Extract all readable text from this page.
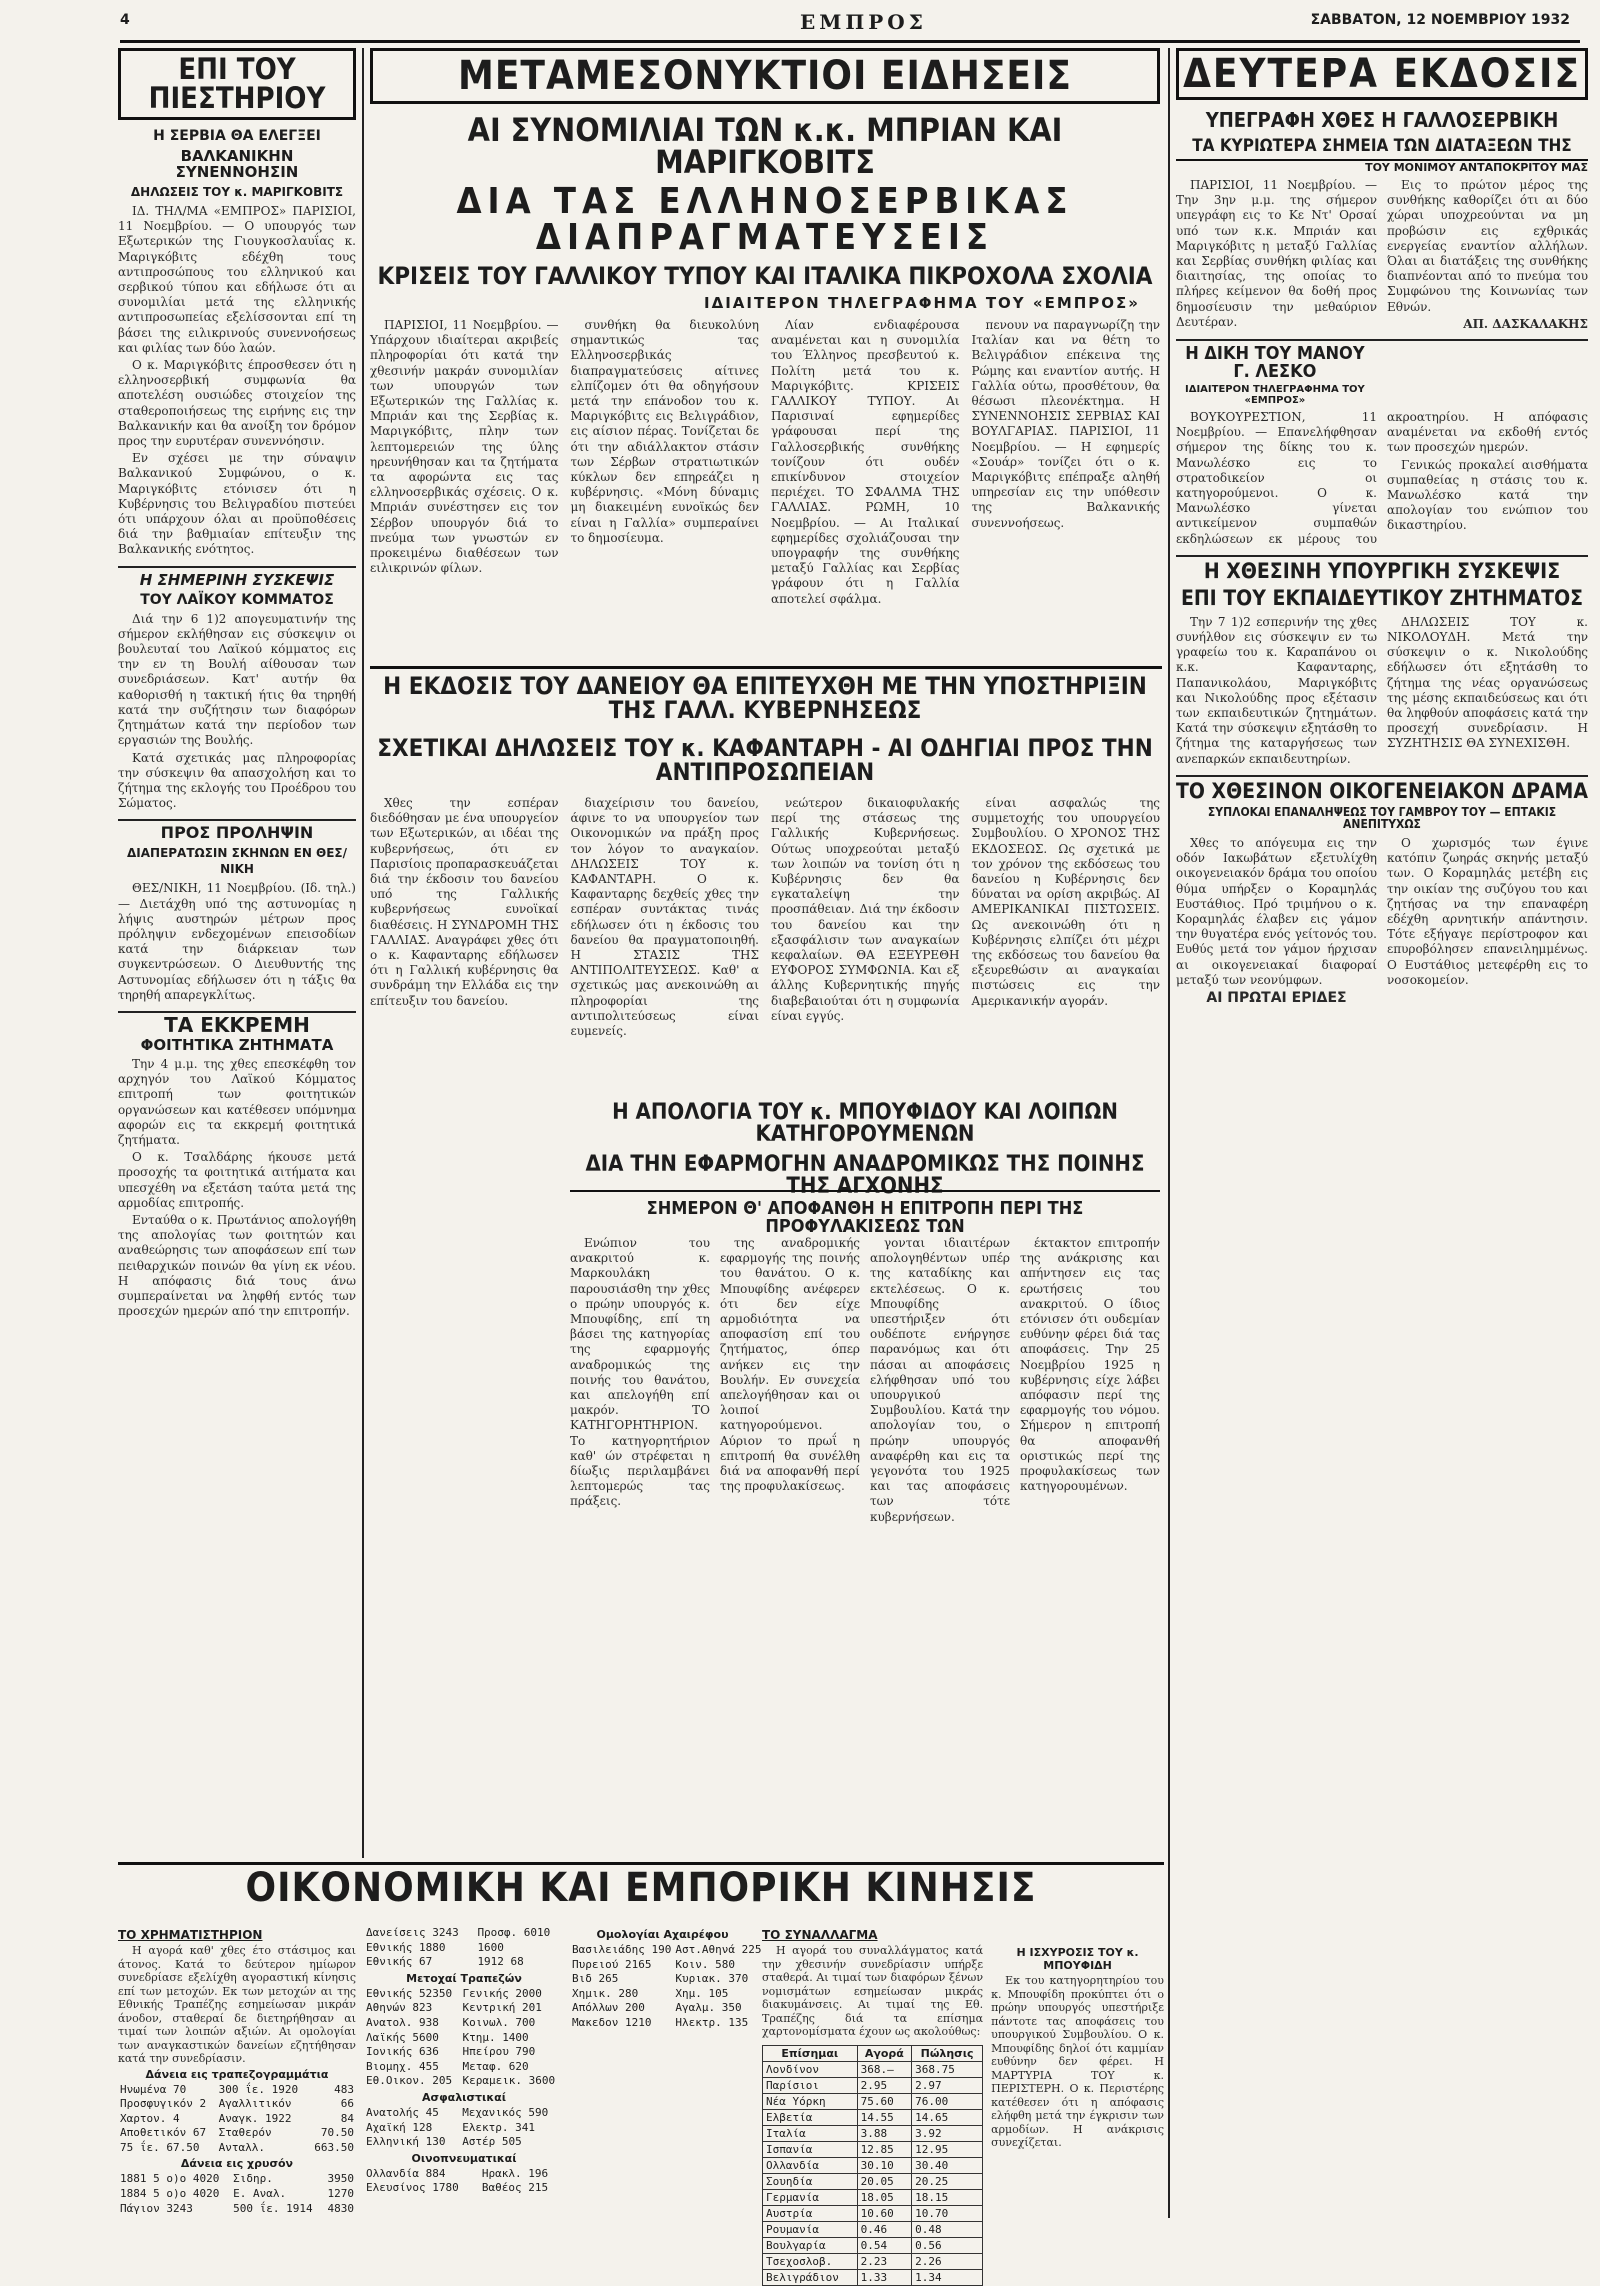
4	ΕΜΠΡΟΣ	ΣΑΒΒΑΤΟΝ, 12 ΝΟΕΜΒΡΙΟΥ 1932
ΕΠΙ ΤΟΥ ΠΙΕΣΤΗΡΙΟΥ
Η ΣΕΡΒΙΑ ΘΑ ΕΛΕΓΞΕΙ
ΒΑΛΚΑΝΙΚΗΝ ΣΥΝΕΝΝΟΗΣΙΝ
ΔΗΛΩΣΕΙΣ ΤΟΥ κ. ΜΑΡΙΓΚΟΒΙΤΣ

ΙΔ. ΤΗΛ/ΜΑ «ΕΜΠΡΟΣ» ΠΑΡΙΣΙΟΙ, 11 Νοεμβρίου. — Ο υπουργός των Εξωτερικών της Γιουγκοσλαυΐας κ. Μαριγκόβιτς εδέχθη τους αντιπροσώπους του ελληνικού και σερβικού τύπου και εδήλωσε ότι αι συνομιλίαι μετά της ελληνικής αντιπροσωπείας εξελίσσονται επί τη βάσει της ειλικρινούς συνεννοήσεως και φιλίας των δύο λαών.

Ο κ. Μαριγκόβιτς έπροσθεσεν ότι η ελληνοσερβική συμφωνία θα αποτελέση ουσιώδες στοιχείον της σταθεροποιήσεως της ειρήνης εις την Βαλκανικήν και θα ανοίξη τον δρόμον προς την ευρυτέραν συνεννόησιν.

Εν σχέσει με την σύναψιν Βαλκανικού Συμφώνου, ο κ. Μαριγκόβιτς ετόνισεν ότι η Κυβέρνησις του Βελιγραδίου πιστεύει ότι υπάρχουν όλαι αι προϋποθέσεις διά την βαθμιαίαν επίτευξιν της Βαλκανικής ενότητος.

Η ΣΗΜΕΡΙΝΗ ΣΥΣΚΕΨΙΣ
ΤΟΥ ΛΑΪΚΟΥ ΚΟΜΜΑΤΟΣ

Διά την 6 1)2 απογευματινήν της σήμερον εκλήθησαν εις σύσκεψιν οι βουλευταί του Λαϊκού κόμματος εις την εν τη Βουλή αίθουσαν των συνεδριάσεων. Κατ' αυτήν θα καθορισθή η τακτική ήτις θα τηρηθή κατά την συζήτησιν των διαφόρων ζητημάτων κατά την περίοδον των εργασιών της Βουλής.

Κατά σχετικάς μας πληροφορίας την σύσκεψιν θα απασχολήση και το ζήτημα της εκλογής του Προέδρου του Σώματος.

ΠΡΟΣ ΠΡΟΛΗΨΙΝ
ΔΙΑΠΕΡΑΤΩΣΙΝ ΣΚΗΝΩΝ ΕΝ ΘΕΣ/ΝΙΚΗ

ΘΕΣ/ΝΙΚΗ, 11 Νοεμβρίου. (Ιδ. τηλ.) — Διετάχθη υπό της αστυνομίας η λήψις αυστηρών μέτρων προς πρόληψιν ενδεχομένων επεισοδίων κατά την διάρκειαν των συγκεντρώσεων. Ο Διευθυντής της Αστυνομίας εδήλωσεν ότι η τάξις θα τηρηθή απαρεγκλίτως.

ΤΑ ΕΚΚΡΕΜΗ
ΦΟΙΤΗΤΙΚΑ ΖΗΤΗΜΑΤΑ

Την 4 μ.μ. της χθες επεσκέφθη τον αρχηγόν του Λαϊκού Κόμματος επιτροπή των φοιτητικών οργανώσεων και κατέθεσεν υπόμνημα αφορών εις τα εκκρεμή φοιτητικά ζητήματα.

Ο κ. Τσαλδάρης ήκουσε μετά προσοχής τα φοιτητικά αιτήματα και υπεσχέθη να εξετάση ταύτα μετά της αρμοδίας επιτροπής.

Ενταύθα ο κ. Πρωτάνιος απολογήθη της απολογίας των φοιτητών και αναθεώρησις των αποφάσεων επί των πειθαρχικών ποινών θα γίνη εκ νέου. Η απόφασις διά τους άνω συμπεραίνεται να ληφθή εντός των προσεχών ημερών από την επιτροπήν.

ΜΕΤΑΜΕΣΟΝΥΚΤΙΟΙ ΕΙΔΗΣΕΙΣ
ΑΙ ΣΥΝΟΜΙΛΙΑΙ ΤΩΝ κ.κ. ΜΠΡΙΑΝ ΚΑΙ ΜΑΡΙΓΚΟΒΙΤΣ
ΔΙΑ ΤΑΣ ΕΛΛΗΝΟΣΕΡΒΙΚΑΣ ΔΙΑΠΡΑΓΜΑΤΕΥΣΕΙΣ
ΚΡΙΣΕΙΣ ΤΟΥ ΓΑΛΛΙΚΟΥ ΤΥΠΟΥ ΚΑΙ ΙΤΑΛΙΚΑ ΠΙΚΡΟΧΟΛΑ ΣΧΟΛΙΑ
ΙΔΙΑΙΤΕΡΟΝ ΤΗΛΕΓΡΑΦΗΜΑ ΤΟΥ «ΕΜΠΡΟΣ»

ΠΑΡΙΣΙΟΙ, 11 Νοεμβρίου. — Υπάρχουν ιδιαίτεραι ακριβείς πληροφορίαι ότι κατά την χθεσινήν μακράν συνομιλίαν των υπουργών των Εξωτερικών της Γαλλίας κ. Μπριάν και της Σερβίας κ. Μαριγκόβιτς, πλην των λεπτομερειών της ύλης ηρευνήθησαν και τα ζητήματα τα αφορώντα εις τας ελληνοσερβικάς σχέσεις. Ο κ. Μπριάν συνέστησεν εις τον Σέρβον υπουργόν διά το πνεύμα των γνωστών εν προκειμένω διαθέσεων των ειλικρινών φίλων.

συνθήκη θα διευκολύνη σημαντικώς τας Ελληνοσερβικάς διαπραγματεύσεις αίτινες ελπίζομεν ότι θα οδηγήσουν μετά την επάνοδον του κ. Μαριγκόβιτς εις Βελιγράδιον, εις αίσιον πέρας. Τονίζεται δε ότι την αδιάλλακτον στάσιν των Σέρβων στρατιωτικών κύκλων δεν επηρεάζει η κυβέρνησις. «Μόνη δύναμις μη διακειμένη ευνοϊκώς δεν είναι η Γαλλία» συμπεραίνει το δημοσίευμα.

Λίαν ενδιαφέρουσα αναμένεται και η συνομιλία του Έλληνος πρεσβευτού κ. Πολίτη μετά του κ. Μαριγκόβιτς. ΚΡΙΣΕΙΣ ΓΑΛΛΙΚΟΥ ΤΥΠΟΥ. Αι Παρισιναί εφημερίδες γράφουσαι περί της Γαλλοσερβικής συνθήκης τονίζουν ότι ουδέν επικίνδυνον στοιχείον περιέχει. ΤΟ ΣΦΑΛΜΑ ΤΗΣ ΓΑΛΛΙΑΣ. ΡΩΜΗ, 10 Νοεμβρίου. — Αι Ιταλικαί εφημερίδες σχολιάζουσαι την υπογραφήν της συνθήκης μεταξύ Γαλλίας και Σερβίας γράφουν ότι η Γαλλία αποτελεί σφάλμα.

πενουν να παραγνωρίζη την Ιταλίαν και να θέτη το Βελιγράδιον επέκεινα της Ρώμης και εναντίον αυτής. Η Γαλλία ούτω, προσθέτουν, θα θέσωσι πλεονέκτημα. Η ΣΥΝΕΝΝΟΗΣΙΣ ΣΕΡΒΙΑΣ ΚΑΙ ΒΟΥΛΓΑΡΙΑΣ. ΠΑΡΙΣΙΟΙ, 11 Νοεμβρίου. — Η εφημερίς «Σουάρ» τονίζει ότι ο κ. Μαριγκόβιτς επέπραξε αληθή υπηρεσίαν εις την υπόθεσιν της Βαλκανικής συνεννοήσεως.

Η ΕΚΔΟΣΙΣ ΤΟΥ ΔΑΝΕΙΟΥ ΘΑ ΕΠΙΤΕΥΧΘΗ ΜΕ ΤΗΝ ΥΠΟΣΤΗΡΙΞΙΝ ΤΗΣ ΓΑΛΛ. ΚΥΒΕΡΝΗΣΕΩΣ
ΣΧΕΤΙΚΑΙ ΔΗΛΩΣΕΙΣ ΤΟΥ κ. ΚΑΦΑΝΤΑΡΗ - ΑΙ ΟΔΗΓΙΑΙ ΠΡΟΣ ΤΗΝ ΑΝΤΙΠΡΟΣΩΠΕΙΑΝ

Χθες την εσπέραν διεδόθησαν με ένα υπουργείον των Εξωτερικών, αι ιδέαι της κυβερνήσεως, ότι εν Παρισίοις προπαρασκευάζεται διά την έκδοσιν του δανείου υπό της Γαλλικής κυβερνήσεως ευνοϊκαί διαθέσεις. Η ΣΥΝΔΡΟΜΗ ΤΗΣ ΓΑΛΛΙΑΣ. Αναγράφει χθες ότι ο κ. Καφανταρης εδήλωσεν ότι η Γαλλική κυβέρνησις θα συνδράμη την Ελλάδα εις την επίτευξιν του δανείου.

διαχείρισιν του δανείου, άφινε το να υπουργείον των Οικονομικών να πράξη προς τον λόγον το αναγκαίον. ΔΗΛΩΣΕΙΣ ΤΟΥ κ. ΚΑΦΑΝΤΑΡΗ. Ο κ. Καφανταρης δεχθείς χθες την εσπέραν συντάκτας τινάς εδήλωσεν ότι η έκδοσις του δανείου θα πραγματοποιηθή. Η ΣΤΑΣΙΣ ΤΗΣ ΑΝΤΙΠΟΛΙΤΕΥΣΕΩΣ. Καθ' α σχετικώς μας ανεκοινώθη αι πληροφορίαι της αντιπολιτεύσεως είναι ευμενείς.

νεώτερον δικαιοφυλακής περί της στάσεως της Γαλλικής Κυβερνήσεως. Ούτως υποχρεούται μεταξύ των λοιπών να τονίση ότι η Κυβέρνησις δεν θα εγκαταλείψη την προσπάθειαν. Διά την έκδοσιν του δανείου και την εξασφάλισιν των αναγκαίων κεφαλαίων. ΘΑ ΕΞΕΥΡΕΘΗ ΕΥΦΟΡΟΣ ΣΥΜΦΩΝΙΑ. Και εξ άλλης Κυβερνητικής πηγής διαβεβαιούται ότι η συμφωνία είναι εγγύς.

είναι ασφαλώς της συμμετοχής του υπουργείου Συμβουλίου. Ο ΧΡΟΝΟΣ ΤΗΣ ΕΚΔΟΣΕΩΣ. Ως σχετικά με τον χρόνον της εκδόσεως του δανείου η Κυβέρνησις δεν δύναται να ορίση ακριβώς. ΑΙ ΑΜΕΡΙΚΑΝΙΚΑΙ ΠΙΣΤΩΣΕΙΣ. Ως ανεκοινώθη ότι η Κυβέρνησις ελπίζει ότι μέχρι της εκδόσεως του δανείου θα εξευρεθώσιν αι αναγκαίαι πιστώσεις εις την Αμερικανικήν αγοράν.

Η ΑΠΟΛΟΓΙΑ ΤΟΥ κ. ΜΠΟΥΦΙΔΟΥ ΚΑΙ ΛΟΙΠΩΝ ΚΑΤΗΓΟΡΟΥΜΕΝΩΝ
ΔΙΑ ΤΗΝ ΕΦΑΡΜΟΓΗΝ ΑΝΑΔΡΟΜΙΚΩΣ ΤΗΣ ΠΟΙΝΗΣ ΤΗΣ ΑΓΧΟΝΗΣ
ΣΗΜΕΡΟΝ Θ' ΑΠΟΦΑΝΘΗ Η ΕΠΙΤΡΟΠΗ ΠΕΡΙ ΤΗΣ ΠΡΟΦΥΛΑΚΙΣΕΩΣ ΤΩΝ

Ενώπιον του ανακριτού κ. Μαρκουλάκη παρουσιάσθη την χθες ο πρώην υπουργός κ. Μπουφίδης, επί τη βάσει της κατηγορίας της εφαρμογής αναδρομικώς της ποινής του θανάτου, και απελογήθη επί μακρόν. ΤΟ ΚΑΤΗΓΟΡΗΤΗΡΙΟΝ. Το κατηγορητήριον καθ' ών στρέφεται η δίωξις περιλαμβάνει λεπτομερώς τας πράξεις.

της αναδρομικής εφαρμογής της ποινής του θανάτου. Ο κ. Μπουφίδης ανέφερεν ότι δεν είχε αρμοδιότητα να αποφασίση επί του ζητήματος, όπερ ανήκεν εις την Βουλήν. Εν συνεχεία απελογήθησαν και οι λοιποί κατηγορούμενοι. Αύριον το πρωΐ η επιτροπή θα συνέλθη διά να αποφανθή περί της προφυλακίσεως.

γονται ιδιαιτέρων απολογηθέντων υπέρ της καταδίκης και εκτελέσεως. Ο κ. Μπουφίδης υπεστήριξεν ότι ουδέποτε ενήργησε παρανόμως και ότι πάσαι αι αποφάσεις ελήφθησαν υπό του υπουργικού Συμβουλίου. Κατά την απολογίαν του, ο πρώην υπουργός αναφέρθη και εις τα γεγονότα του 1925 και τας αποφάσεις των τότε κυβερνήσεων.

έκτακτον επιτροπήν της ανάκρισης και απήντησεν εις τας ερωτήσεις του ανακριτού. Ο ίδιος ετόνισεν ότι ουδεμίαν ευθύνην φέρει διά τας αποφάσεις. Την 25 Νοεμβρίου 1925 η κυβέρνησις είχε λάβει απόφασιν περί της εφαρμογής του νόμου. Σήμερον η επιτροπή θα αποφανθή οριστικώς περί της προφυλακίσεως των κατηγορουμένων.

ΔΕΥΤΕΡΑ ΕΚΔΟΣΙΣ
ΥΠΕΓΡΑΦΗ ΧΘΕΣ Η ΓΑΛΛΟΣΕΡΒΙΚΗ
ΤΑ ΚΥΡΙΩΤΕΡΑ ΣΗΜΕΙΑ ΤΩΝ ΔΙΑΤΑΞΕΩΝ ΤΗΣ
ΤΟΥ ΜΟΝΙΜΟΥ ΑΝΤΑΠΟΚΡΙΤΟΥ ΜΑΣ

ΠΑΡΙΣΙΟΙ, 11 Νοεμβρίου. — Την 3ην μ.μ. της σήμερον υπεγράφη εις το Κε Ντ' Ορσαί υπό των κ.κ. Μπριάν και Μαριγκόβιτς η μεταξύ Γαλλίας και Σερβίας συνθήκη φιλίας και διαιτησίας, της οποίας το πλήρες κείμενον θα δοθή προς δημοσίευσιν την μεθαύριον Δευτέραν.

Εις το πρώτον μέρος της συνθήκης καθορίζει ότι αι δύο χώραι υποχρεούνται να μη προβώσιν εις εχθρικάς ενεργείας εναντίον αλλήλων. Όλαι αι διατάξεις της συνθήκης διαπνέονται από το πνεύμα του Συμφώνου της Κοινωνίας των Εθνών.

ΑΠ. ΔΑΣΚΑΛΑΚΗΣ

Η ΔΙΚΗ ΤΟΥ ΜΑΝΟΥ Γ. ΛΕΣΚΟ
ΙΔΙΑΙΤΕΡΟΝ ΤΗΛΕΓΡΑΦΗΜΑ ΤΟΥ «ΕΜΠΡΟΣ»

ΒΟΥΚΟΥΡΕΣΤΙΟΝ, 11 Νοεμβρίου. — Επανελήφθησαν σήμερον της δίκης του κ. Μανωλέσκο εις το στρατοδικείον οι κατηγορούμενοι. Ο κ. Μανωλέσκο γίνεται αντικείμενον συμπαθών εκδηλώσεων εκ μέρους του ακροατηρίου. Η απόφασις αναμένεται να εκδοθή εντός των προσεχών ημερών.

Γενικώς προκαλεί αισθήματα συμπαθείας η στάσις του κ. Μανωλέσκο κατά την απολογίαν του ενώπιον του δικαστηρίου.

Η ΧΘΕΣΙΝΗ ΥΠΟΥΡΓΙΚΗ ΣΥΣΚΕΨΙΣ
ΕΠΙ ΤΟΥ ΕΚΠΑΙΔΕΥΤΙΚΟΥ ΖΗΤΗΜΑΤΟΣ

Την 7 1)2 εσπερινήν της χθες συνήλθον εις σύσκεψιν εν τω γραφείω του κ. Καραπάνου οι κ.κ. Καφανταρης, Παπανικολάου, Μαριγκόβιτς και Νικολούδης προς εξέτασιν των εκπαιδευτικών ζητημάτων. Κατά την σύσκεψιν εξητάσθη το ζήτημα της καταργήσεως των ανεπαρκών εκπαιδευτηρίων.

ΔΗΛΩΣΕΙΣ ΤΟΥ κ. ΝΙΚΟΛΟΥΔΗ. Μετά την σύσκεψιν ο κ. Νικολούδης εδήλωσεν ότι εξητάσθη το ζήτημα της νέας οργανώσεως της μέσης εκπαιδεύσεως και ότι θα ληφθούν αποφάσεις κατά την προσεχή συνεδρίασιν. Η ΣΥΖΗΤΗΣΙΣ ΘΑ ΣΥΝΕΧΙΣΘΗ.

ΤΟ ΧΘΕΣΙΝΟΝ ΟΙΚΟΓΕΝΕΙΑΚΟΝ ΔΡΑΜΑ
ΣΥΠΛΟΚΑΙ ΕΠΑΝΑΛΗΨΕΩΣ ΤΟΥ ΓΑΜΒΡΟΥ ΤΟΥ — ΕΠΤΑΚΙΣ ΑΝΕΠΙΤΥΧΩΣ

Χθες το απόγευμα εις την οδόν Ιακωβάτων εξετυλίχθη οικογενειακόν δράμα του οποίου θύμα υπήρξεν ο Κοραμηλάς Ευστάθιος. Πρό τριμήνου ο κ. Κοραμηλάς έλαβεν εις γάμον την θυγατέρα ενός γείτονός του. Ευθύς μετά τον γάμον ήρχισαν αι οικογενειακαί διαφοραί μεταξύ των νεονύμφων.

ΑΙ ΠΡΩΤΑΙ ΕΡΙΔΕΣ

Ο χωρισμός των έγινε κατόπιν ζωηράς σκηνής μεταξύ των. Ο Κοραμηλάς μετέβη εις την οικίαν της συζύγου του και ζητήσας να την επαναφέρη εδέχθη αρνητικήν απάντησιν. Τότε εξήγαγε περίστροφον και επυροβόλησεν επανειλημμένως. Ο Ευστάθιος μετεφέρθη εις το νοσοκομείον.

ΟΙΚΟΝΟΜΙΚΗ ΚΑΙ ΕΜΠΟΡΙΚΗ ΚΙΝΗΣΙΣ
ΤΟ ΧΡΗΜΑΤΙΣΤΗΡΙΟΝ

Η αγορά καθ' χθες έτο στάσιμος και άτονος. Κατά το δεύτερον ημίωρον συνεδρίασε εξελίχθη αγοραστική κίνησις επί των μετοχών. Εκ των μετοχών αι της Εθνικής Τραπέζης εσημείωσαν μικράν άνοδον, σταθεραί δε διετηρήθησαν αι τιμαί των λοιπών αξιών. Αι ομολογίαι των αναγκαστικών δανείων εζητήθησαν κατά την συνεδρίασιν.

Δάνεια εις τραπεζογραμμάτια
Ηνωμένα 70	300 ΐε. 1920	483
Προσφυγικόν 2	Αγαλλιτικόν	66
Χαρτον. 4	Αναγκ. 1922	84
Αποθετικόν 67	Σταθερόν	70.50
75 ΐε. 67.50	Ανταλλ.	663.50
Δάνεια εις χρυσόν
1881 5 ο)ο 4020	Σιδηρ.	3950
1884 5 ο)ο 4020	Ε. Αναλ.	1270
Πάγιον 3243	500 ΐε. 1914	4830
Δανείσεις 3243	Προσφ. 6010
Εθνικής 1880	1600
Εθνικής 67	1912 68
Μετοχαί Τραπεζών
Εθνικής 52350	Γενικής 2000
Αθηνών 823	Κεντρική 201
Ανατολ. 938	Κοινωλ. 700
Λαϊκής 5600	Κτημ. 1400
Ιονικής 636	Ηπείρου 790
Βιομηχ. 455	Μεταφ. 620
Εθ.Οικον. 205	Κεραμεικ. 3600
Ασφαλιστικαί
Ανατολής 45	Μεχανικός 590
Αχαϊκή 128	Ελεκτρ. 341
Ελληνική 130	Αστέρ 505
Οινοπνευματικαί
Ολλανδία 884	Ηρακλ. 196
Ελευσίνος 1780	Βαθέος 215
Ομολογίαι Αχαιρέφου
Βασιλειάδης 190	Αστ.Αθηνά 225
Πυρειού 2165	Κοιν. 580
Βιδ 265	Κυριακ. 370
Χημικ. 280	Χημ. 105
Απόλλων 200	Αγαλμ. 350
Μακεδον 1210	Ηλεκτρ. 135
ΤΟ ΣΥΝΑΛΛΑΓΜΑ

Η αγορά του συναλλάγματος κατά την χθεσινήν συνεδρίασιν υπήρξε σταθερά. Αι τιμαί των διαφόρων ξένων νομισμάτων εσημείωσαν μικράς διακυμάνσεις. Αι τιμαί της Εθ. Τραπέζης διά τα επίσημα χαρτονομίσματα έχουν ως ακολούθως:

Η ΙΣΧΥΡΟΣΙΣ ΤΟΥ κ. ΜΠΟΥΦΙΔΗ

Εκ του κατηγορητηρίου του κ. Μπουφίδη προκύπτει ότι ο πρώην υπουργός υπεστήριξε πάντοτε τας αποφάσεις του υπουργικού Συμβουλίου. Ο κ. Μπουφίδης δηλοί ότι καμμίαν ευθύνην δεν φέρει. Η ΜΑΡΤΥΡΙΑ ΤΟΥ κ. ΠΕΡΙΣΤΕΡΗ. Ο κ. Περιστέρης κατέθεσεν ότι η απόφασις ελήφθη μετά την έγκρισιν των αρμοδίων. Η ανάκρισις συνεχίζεται.

Επίσημαι	Αγορά	Πώλησις
Λονδίνον	368.—	368.75
Παρίσιοι	2.95	2.97
Νέα Υόρκη	75.60	76.00
Ελβετία	14.55	14.65
Ιταλία	3.88	3.92
Ισπανία	12.85	12.95
Ολλανδία	30.10	30.40
Σουηδία	20.05	20.25
Γερμανία	18.05	18.15
Αυστρία	10.60	10.70
Ρουμανία	0.46	0.48
Βουλγαρία	0.54	0.56
Τσεχοσλοβ.	2.23	2.26
Βελιγράδιον	1.33	1.34
